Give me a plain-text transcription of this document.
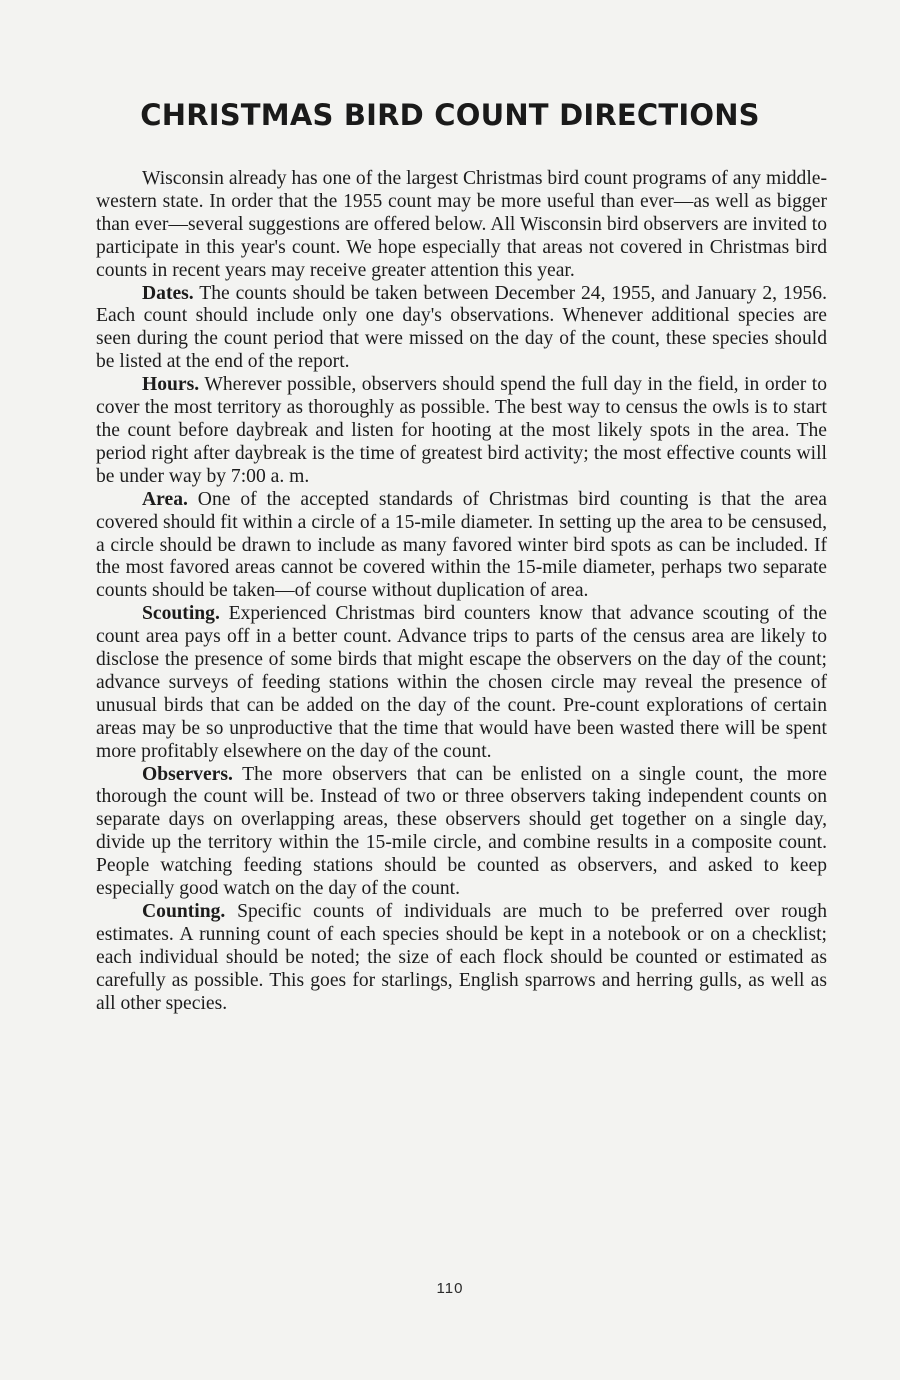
CHRISTMAS BIRD COUNT DIRECTIONS

Wisconsin already has one of the largest Christmas bird count programs of any middle-western state. In order that the 1955 count may be more useful than ever—as well as bigger than ever—several suggestions are offered below. All Wisconsin bird observers are invited to participate in this year's count. We hope especially that areas not covered in Christmas bird counts in recent years may receive greater attention this year.

Dates. The counts should be taken between December 24, 1955, and January 2, 1956. Each count should include only one day's observations. Whenever additional species are seen during the count period that were missed on the day of the count, these species should be listed at the end of the report.

Hours. Wherever possible, observers should spend the full day in the field, in order to cover the most territory as thoroughly as possible. The best way to census the owls is to start the count before daybreak and listen for hooting at the most likely spots in the area. The period right after daybreak is the time of greatest bird activity; the most effective counts will be under way by 7:00 a. m.

Area. One of the accepted standards of Christmas bird counting is that the area covered should fit within a circle of a 15-mile diameter. In setting up the area to be censused, a circle should be drawn to include as many favored winter bird spots as can be included. If the most favored areas cannot be covered within the 15-mile diameter, perhaps two separate counts should be taken—of course without duplication of area.

Scouting. Experienced Christmas bird counters know that advance scouting of the count area pays off in a better count. Advance trips to parts of the census area are likely to disclose the presence of some birds that might escape the observers on the day of the count; advance surveys of feeding stations within the chosen circle may reveal the presence of unusual birds that can be added on the day of the count. Pre-count explorations of certain areas may be so unproductive that the time that would have been wasted there will be spent more profitably elsewhere on the day of the count.

Observers. The more observers that can be enlisted on a single count, the more thorough the count will be. Instead of two or three observers taking independent counts on separate days on overlapping areas, these observers should get together on a single day, divide up the territory within the 15-mile circle, and combine results in a composite count. People watching feeding stations should be counted as observers, and asked to keep especially good watch on the day of the count.

Counting. Specific counts of individuals are much to be preferred over rough estimates. A running count of each species should be kept in a notebook or on a checklist; each individual should be noted; the size of each flock should be counted or estimated as carefully as possible. This goes for starlings, English sparrows and herring gulls, as well as all other species.

110
